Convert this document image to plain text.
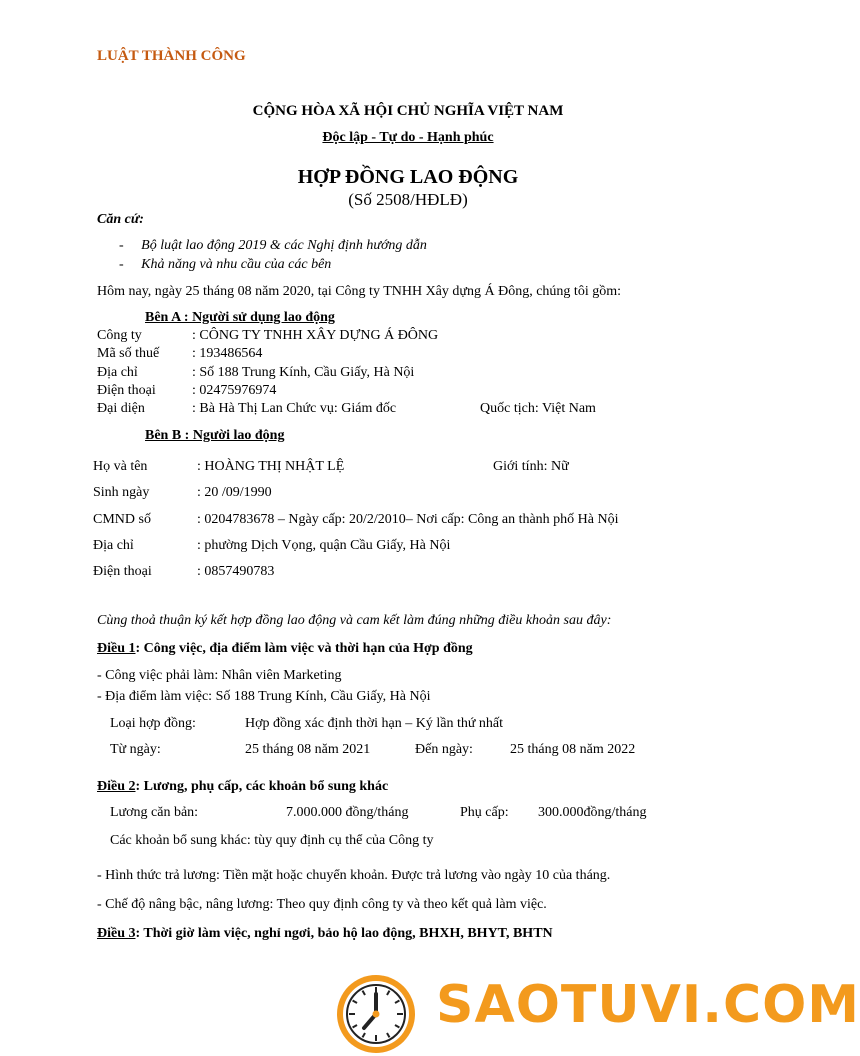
LUẬT THÀNH CÔNG
CỘNG HÒA XÃ HỘI CHỦ NGHĨA VIỆT NAM
Độc lập - Tự do - Hạnh phúc
HỢP ĐỒNG LAO ĐỘNG
(Số 2508/HĐLĐ)
Căn cứ:
-     Bộ luật lao động 2019 & các Nghị định hướng dẫn
-     Khả năng và nhu cầu của các bên
Hôm nay, ngày 25 tháng 08 năm 2020, tại Công ty TNHH Xây dựng Á Đông, chúng tôi gồm:
Bên A : Người sử dụng lao động
Công ty	: CÔNG TY TNHH XÂY DỰNG Á ĐÔNG
Mã số thuế : 193486564
Địa chỉ	: Số 188 Trung Kính, Cầu Giấy, Hà Nội
Điện thoại	: 02475976974
Đại diện	: Bà Hà Thị Lan Chức vụ: Giám đốc	Quốc tịch: Việt Nam
Bên B : Người lao động
Họ và tên	: HOÀNG THỊ NHẬT LỆ	Giới tính: Nữ
Sinh ngày	: 20 /09/1990
CMND số	: 0204783678 – Ngày cấp: 20/2/2010– Nơi cấp: Công an thành phố Hà Nội
Địa chỉ	: phường Dịch Vọng, quận Cầu Giấy, Hà Nội
Điện thoại	: 0857490783
Cùng thoả thuận ký kết hợp đồng lao động và cam kết làm đúng những điều khoản sau đây:
Điều 1: Công việc, địa điểm làm việc và thời hạn của Hợp đồng
- Công việc phải làm: Nhân viên Marketing
- Địa điểm làm việc: Số 188 Trung Kính, Cầu Giấy, Hà Nội
Loại hợp đồng:	Hợp đồng xác định thời hạn – Ký lần thứ nhất
Từ ngày:	25 tháng 08 năm 2021	Đến ngày:	25 tháng 08 năm 2022
Điều 2: Lương, phụ cấp, các khoản bổ sung khác
Lương căn bản:	7.000.000 đồng/tháng	Phụ cấp: 300.000đồng/tháng
Các khoản bổ sung khác: tùy quy định cụ thể của Công ty
- Hình thức trả lương: Tiền mặt hoặc chuyển khoản. Được trả lương vào ngày 10 của tháng.
- Chế độ nâng bậc, nâng lương: Theo quy định công ty và theo kết quả làm việc.
Điều 3: Thời giờ làm việc, nghỉ ngơi, bảo hộ lao động, BHXH, BHYT, BHTN
SAOTUVI.COM
